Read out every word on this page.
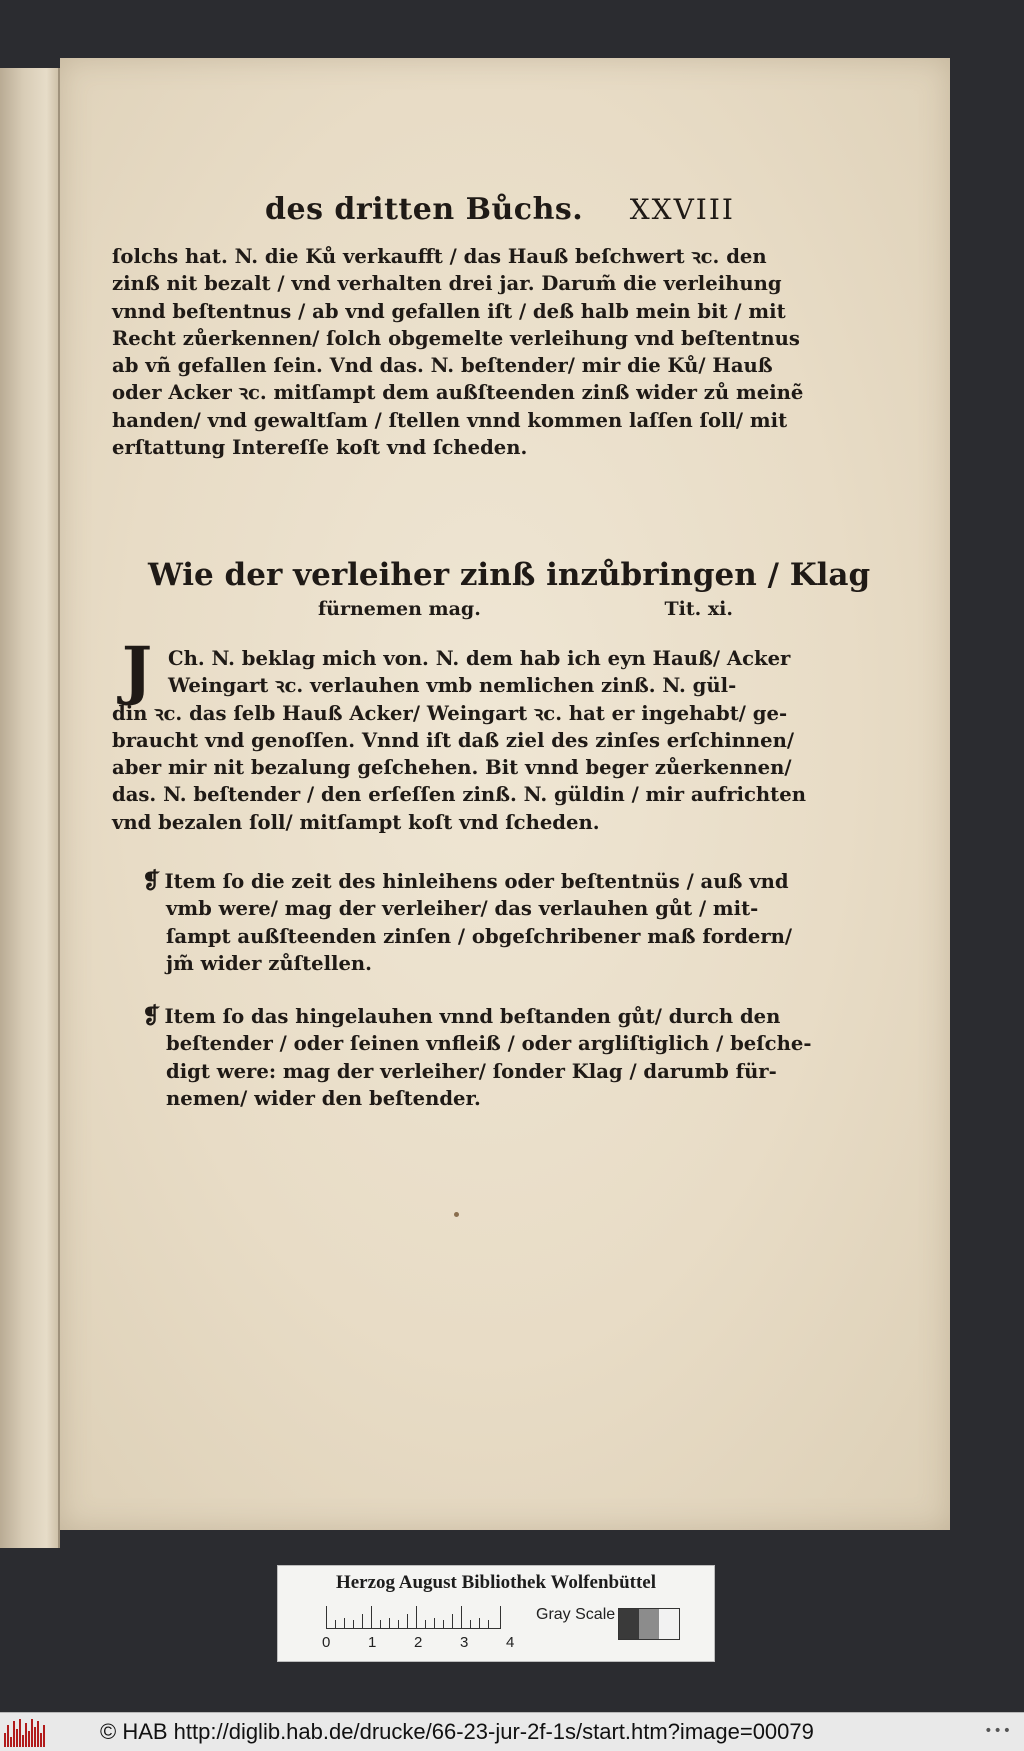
des dritten Bůchs. XXVIII
ſolchs hat. N. die Ků verkaufft / das Hauß beſchwert ꝛc. den
zinß nit bezalt / vnd verhalten drei jar. Darum̃ die verleihung
vnnd beſtentnus / ab vnd gefallen iſt / deß halb mein bit / mit
Recht zůerkennen/ ſolch obgemelte verleihung vnd beſtentnus
ab vñ gefallen ſein. Vnd das. N. beſtender/ mir die Ků/ Hauß
oder Acker ꝛc. mitſampt dem außſteenden zinß wider zů meinẽ
handen/ vnd gewaltſam / ſtellen vnnd kommen laſſen ſoll/ mit
erſtattung Intereſſe koſt vnd ſcheden.
Wie der verleiher zinß inzůbringen / Klag
fürnemen mag.	Tit. xi.
J Ch. N. beklag mich von. N. dem hab ich eyn Hauß/ Acker
Weingart ꝛc. verlauhen vmb nemlichen zinß. N. gül-
din ꝛc. das ſelb Hauß Acker/ Weingart ꝛc. hat er ingehabt/ ge-
braucht vnd genoſſen. Vnnd iſt daß ziel des zinſes erſchinnen/
aber mir nit bezalung geſchehen. Bit vnnd beger zůerkennen/
das. N. beſtender / den erſeſſen zinß. N. güldin / mir aufrichten
vnd bezalen ſoll/ mitſampt koſt vnd ſcheden.
❡ Item ſo die zeit des hinleihens oder beſtentnüs / auß vnd
vmb were/ mag der verleiher/ das verlauhen gůt / mit-
ſampt außſteenden zinſen / obgeſchribener maß fordern/
jm̃ wider zůſtellen.
❡ Item ſo das hingelauhen vnnd beſtanden gůt/ durch den
beſtender / oder ſeinen vnfleiß / oder argliſtiglich / beſche-
digt were: mag der verleiher/ ſonder Klag / darumb für-
nemen/ wider den beſtender.
Herzog August Bibliothek Wolfenbüttel
0	1	2	3	4
Gray Scale
© HAB http://diglib.hab.de/drucke/66-23-jur-2f-1s/start.htm?image=00079	•••
